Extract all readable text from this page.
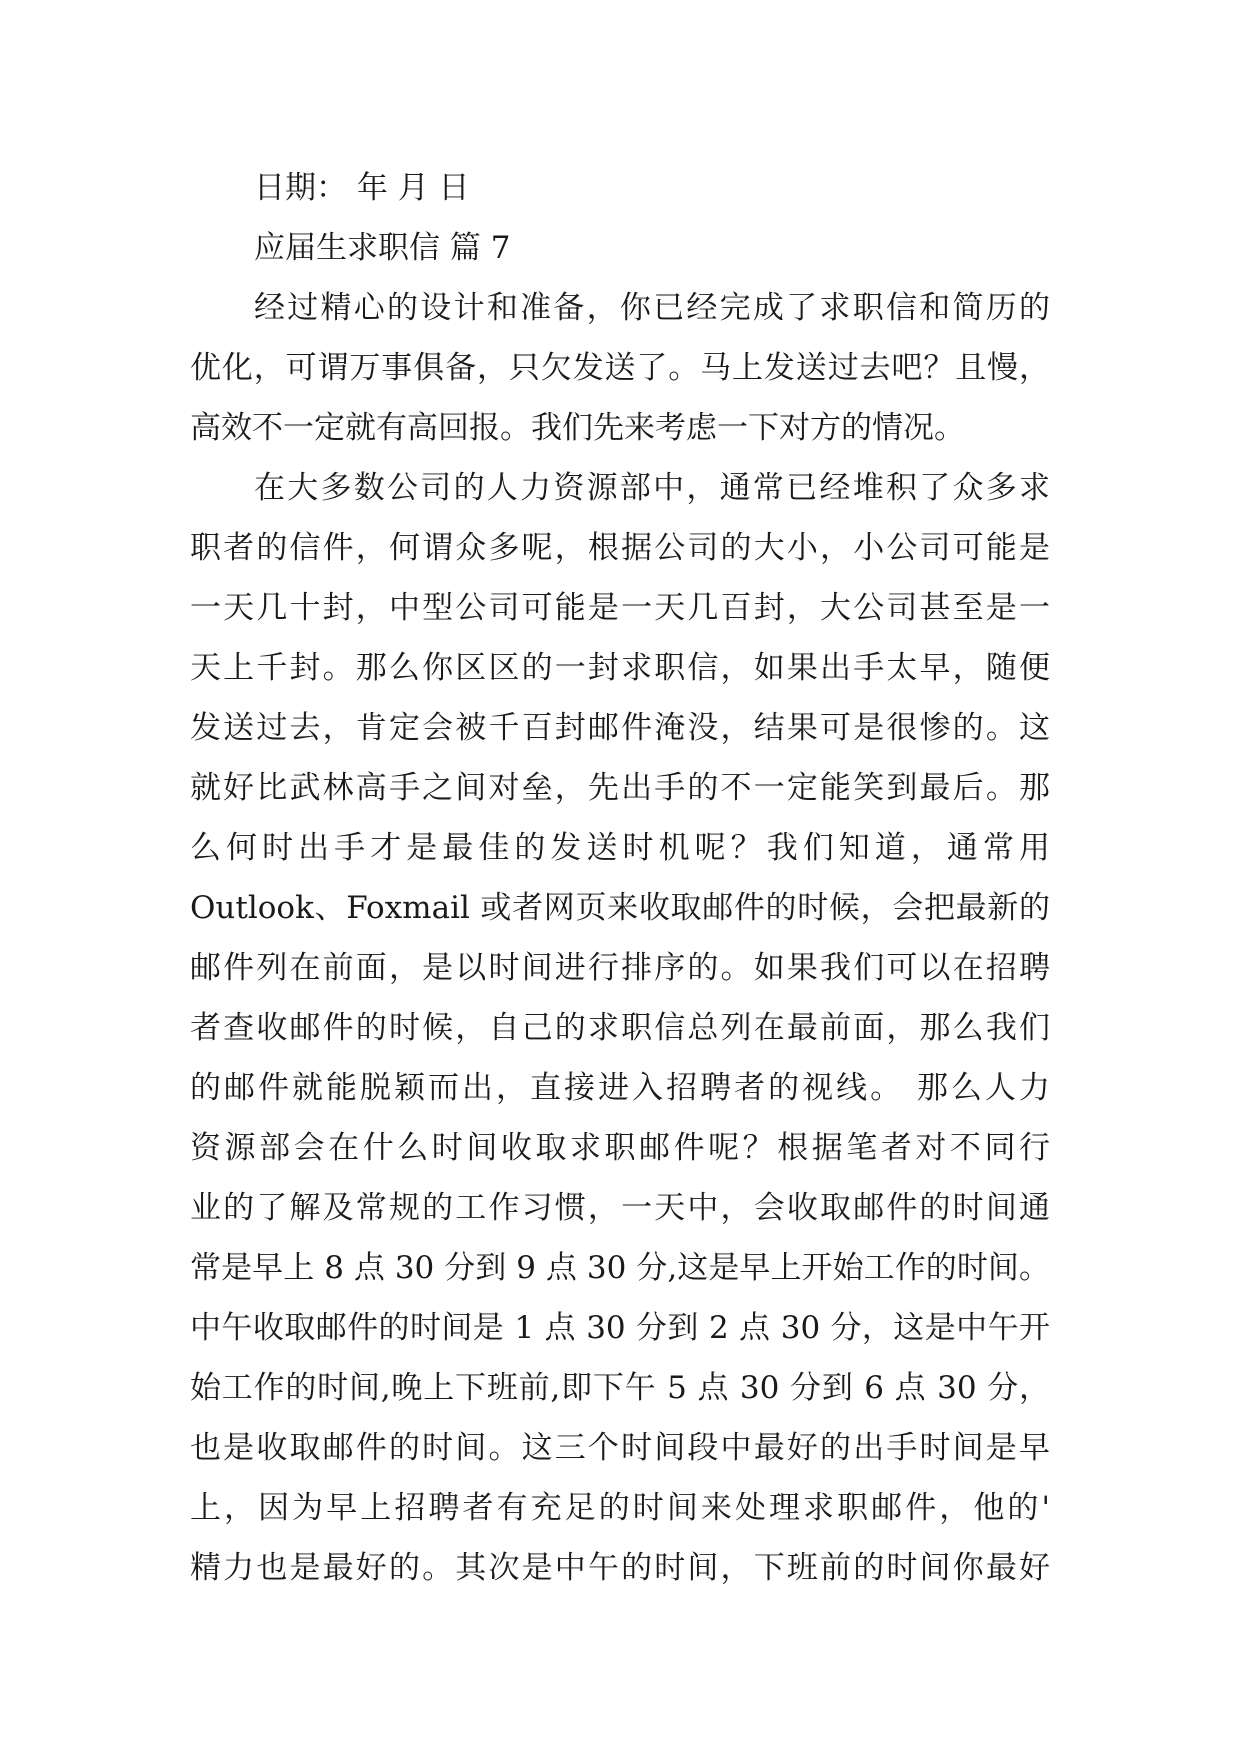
日期： 年 月 日
应届生求职信 篇 7
经过精心的设计和准备，你已经完成了求职信和简历的
优化，可谓万事俱备，只欠发送了。马上发送过去吧？且慢，
高效不一定就有高回报。我们先来考虑一下对方的情况。
在大多数公司的人力资源部中，通常已经堆积了众多求
职者的信件，何谓众多呢，根据公司的大小，小公司可能是
一天几十封，中型公司可能是一天几百封，大公司甚至是一
天上千封。那么你区区的一封求职信，如果出手太早，随便
发送过去，肯定会被千百封邮件淹没，结果可是很惨的。这
就好比武林高手之间对垒，先出手的不一定能笑到最后。那
么何时出手才是最佳的发送时机呢？我们知道，通常用
Outlook、Foxmail 或者网页来收取邮件的时候，会把最新的
邮件列在前面，是以时间进行排序的。如果我们可以在招聘
者查收邮件的时候，自己的求职信总列在最前面，那么我们
的邮件就能脱颖而出，直接进入招聘者的视线。 那么人力
资源部会在什么时间收取求职邮件呢？根据笔者对不同行
业的了解及常规的工作习惯，一天中，会收取邮件的时间通
常是早上 8 点 30 分到 9 点 30 分,这是早上开始工作的时间。
中午收取邮件的时间是 1 点 30 分到 2 点 30 分，这是中午开
始工作的时间,晚上下班前,即下午 5 点 30 分到 6 点 30 分，
也是收取邮件的时间。这三个时间段中最好的出手时间是早
上，因为早上招聘者有充足的时间来处理求职邮件，他的'
精力也是最好的。其次是中午的时间，下班前的时间你最好
